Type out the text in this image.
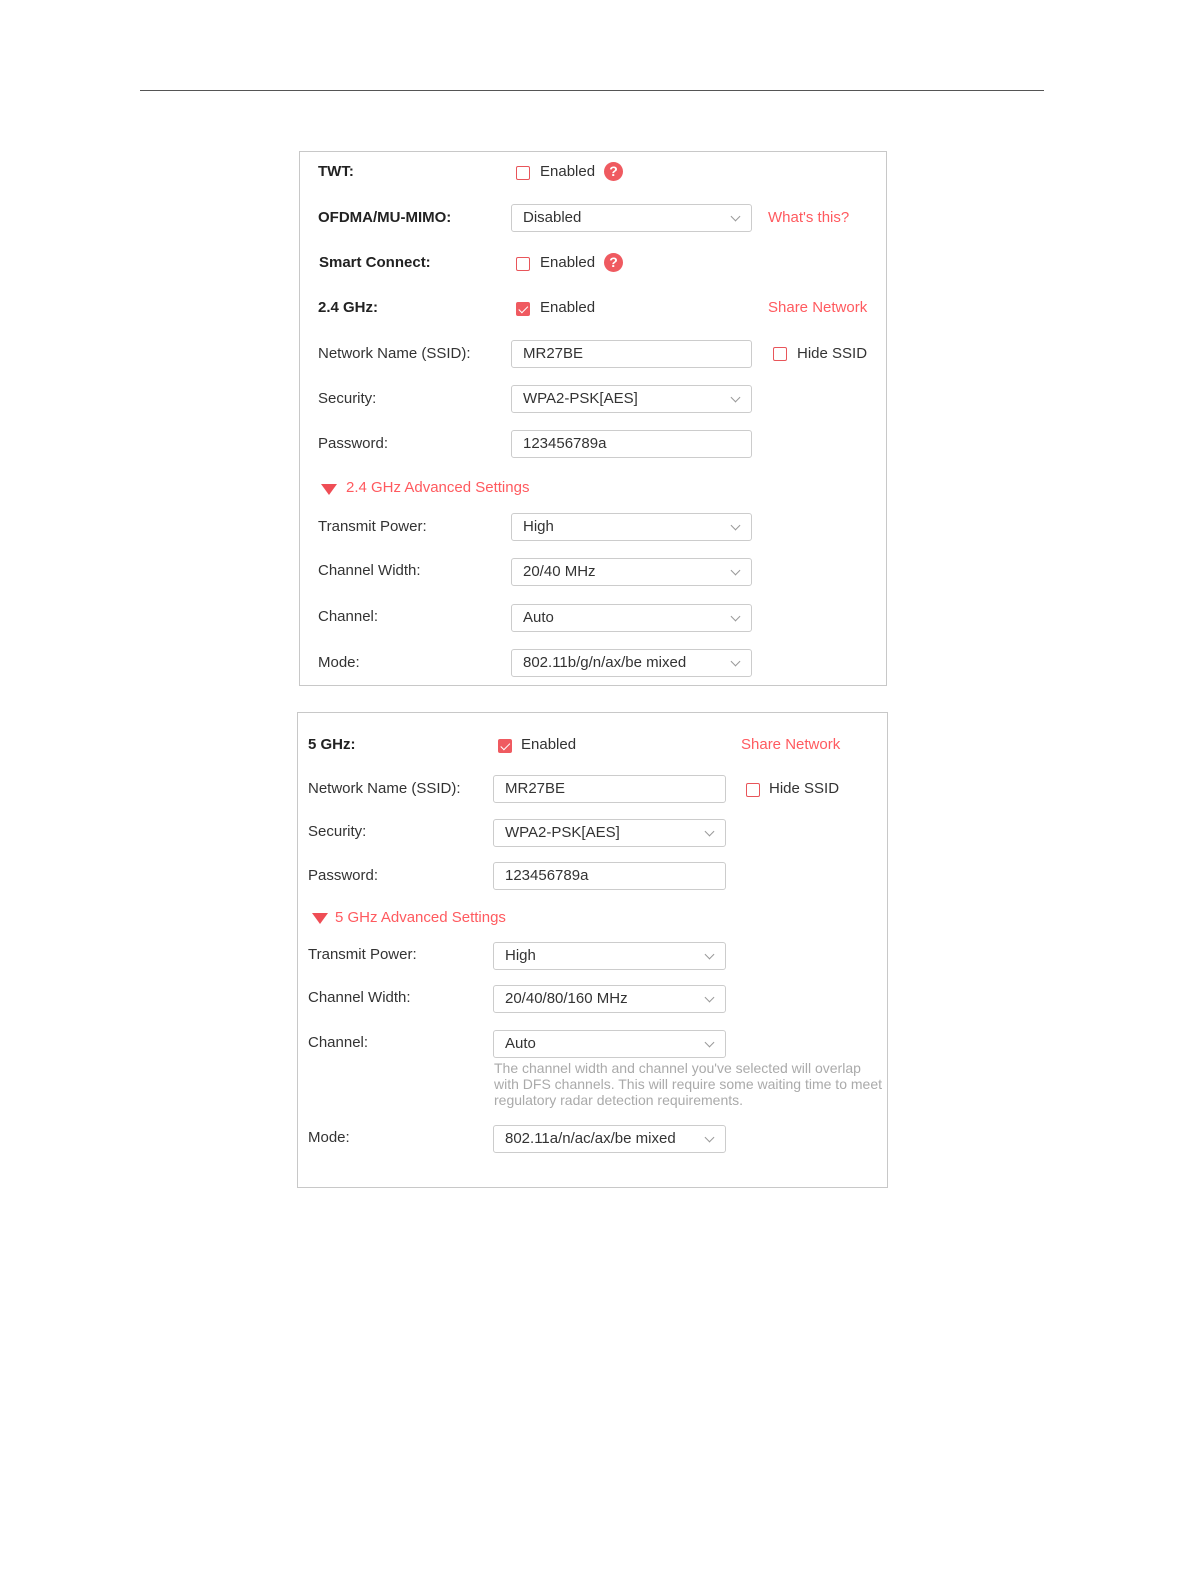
TWT:	Enabled	?
OFDMA/MU-MIMO:	Disabled	What's this?
Smart Connect:	Enabled	?
2.4 GHz:	Enabled	Share Network
Network Name (SSID):	MR27BE	Hide SSID
Security:	WPA2-PSK[AES]
Password:	123456789a
2.4 GHz Advanced Settings
Transmit Power:	High
Channel Width:	20/40 MHz
Channel:	Auto
Mode:	802.11b/g/n/ax/be mixed
5 GHz:	Enabled	Share Network
Network Name (SSID):	MR27BE	Hide SSID
Security:	WPA2-PSK[AES]
Password:	123456789a
5 GHz Advanced Settings
Transmit Power:	High
Channel Width:	20/40/80/160 MHz
Channel:	Auto
The channel width and channel you've selected will overlap with DFS channels. This will require some waiting time to meet regulatory radar detection requirements.
Mode:	802.11a/n/ac/ax/be mixed
